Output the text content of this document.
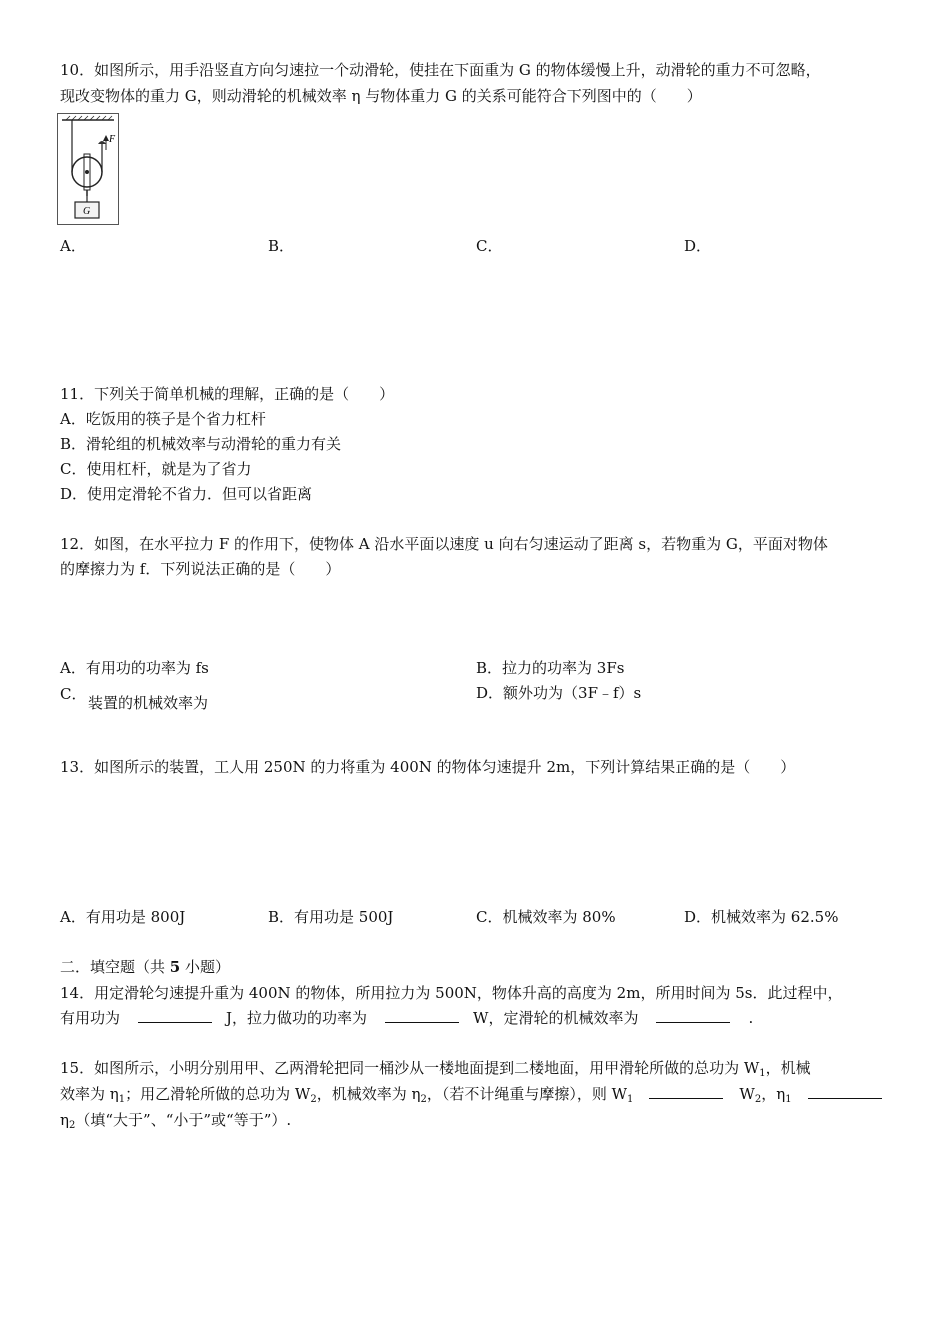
10．如图所示，用手沿竖直方向匀速拉一个动滑轮，使挂在下面重为 G 的物体缓慢上升，动滑轮的重力不可忽略，
现改变物体的重力 G，则动滑轮的机械效率 η 与物体重力 G 的关系可能符合下列图中的（　　）
F
G
A．	B．	C．	D．
11．下列关于简单机械的理解，正确的是（　　）
A．吃饭用的筷子是个省力杠杆
B．滑轮组的机械效率与动滑轮的重力有关
C．使用杠杆，就是为了省力
D．使用定滑轮不省力．但可以省距离
12．如图，在水平拉力 F 的作用下，使物体 A 沿水平面以速度 u 向右匀速运动了距离 s，若物重为 G，平面对物体
的摩擦力为 f．下列说法正确的是（　　）
A．有用功的功率为 fs	B．拉力的功率为 3Fs
C． 装置的机械效率为
D．额外功为（3F﹣f）s
13．如图所示的装置，工人用 250N 的力将重为 400N 的物体匀速提升 2m，下列计算结果正确的是（　　）
A．有用功是 800J	B．有用功是 500J	C．机械效率为 80%	D．机械效率为 62.5%
二．填空题（共 5 小题）
14．用定滑轮匀速提升重为 400N 的物体，所用拉力为 500N，物体升高的高度为 2m，所用时间为 5s．此过程中，
有用功为	J，拉力做功的功率为	W，定滑轮的机械效率为	.
15．如图所示，小明分别用甲、乙两滑轮把同一桶沙从一楼地面提到二楼地面，用甲滑轮所做的总功为 $W_1$，机械
效率为 $\eta_1$；用乙滑轮所做的总功为 $W_2$，机械效率为 $\eta_2$，（若不计绳重与摩擦），则 $W_1$	$W_2$，$\eta_1$
$\eta_2$（填“大于”、“小于”或“等于”）.
